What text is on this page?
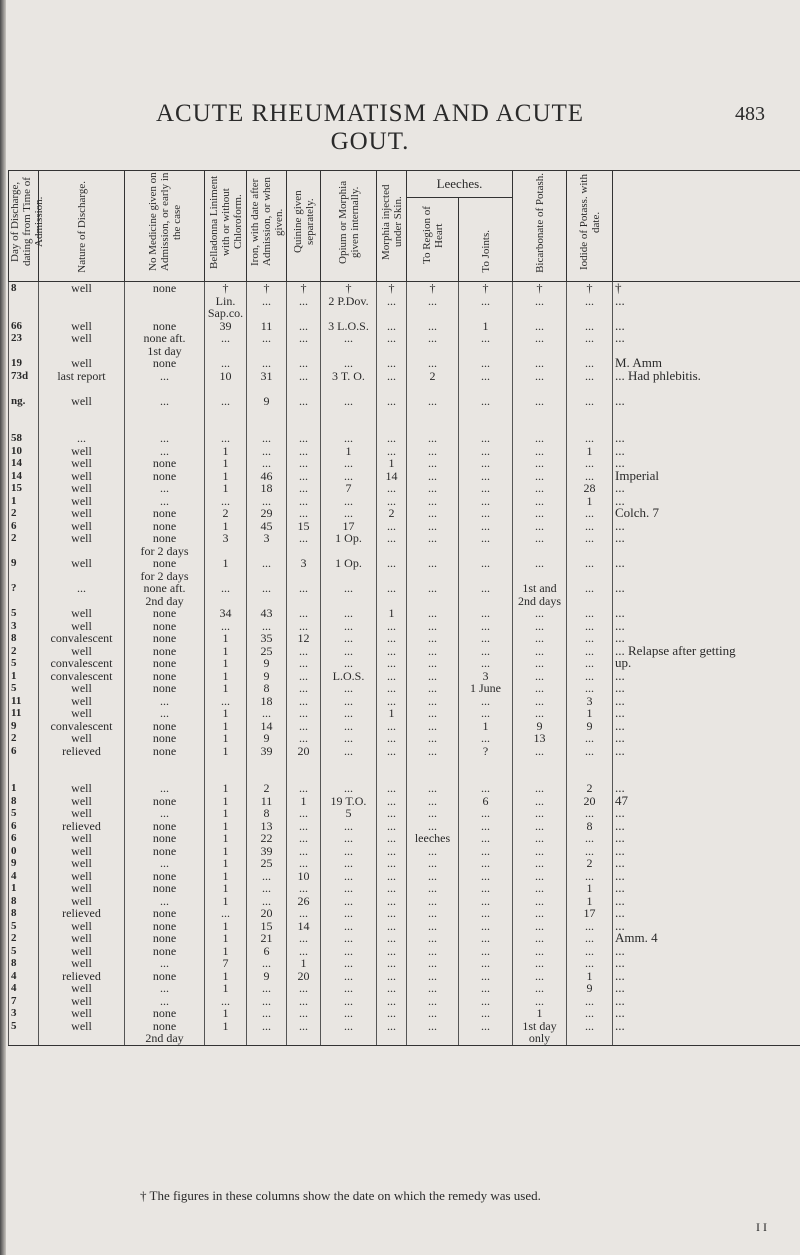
ACUTE RHEUMATISM AND ACUTE GOUT.
483
Day of Discharge, dating from Time of Admission.	Nature of Discharge.	No Medicine given on Admission, or early in the case	Belladonna Liniment with or without Chloroform.	Iron, with date after Admission, or when given.	Quinine given separately.	Opium or Morphia given internally.	Morphia injected under Skin.	Leeches.		Bicarbonate of Potash.	Iodide of Potass. with date.	
								To Region of Heart	To Joints.			
8	well	none	†	†	†	†	†	†	†	†	†	†
			Lin.	...	...	2 P.Dov.	...	...	...	...	...	...
			Sap.co.									
66	well	none	39	11	...	3 L.O.S.	...	...	1	...	...	...
23	well	none aft.	...	...	...	...	...	...	...	...	...	...
		1st day										
19	well	none	...	...	...	...	...	...	...	...	...	M. Amm
73d	last report	...	10	31	...	3 T. O.	...	2	...	...	...	... Had phlebitis.

ng.	well	...	...	9	...	...	...	...	...	...	...	...

58	...	...	...	...	...	...	...	...	...	...	...	...
10	well	...	1	...	...	1	...	...	...	...	1	...
14	well	none	1	...	...	...	1	...	...	...	...	...
14	well	none	1	46	...	...	14	...	...	...	...	Imperial
15	well	...	1	18	...	7	...	...	...	...	28	...
1	well	...	...	...	...	...	...	...	...	...	1	...
2	well	none	2	29	...	...	2	...	...	...	...	Colch. 7
6	well	none	1	45	15	17	...	...	...	...	...	...
2	well	none	3	3	...	1 Op.	...	...	...	...	...	...
		for 2 days										
9	well	none	1	...	3	1 Op.	...	...	...	...	...	...
		for 2 days										
?	...	none aft.	...	...	...	...	...	...	...	1st and	...	...
		2nd day								2nd days		
5	well	none	34	43	...	...	1	...	...	...	...	...
3	well	none	...	...	...	...	...	...	...	...	...	...
8	convalescent	none	1	35	12	...	...	...	...	...	...	...
2	well	none	1	25	...	...	...	...	...	...	...	... Relapse after getting
5	convalescent	none	1	9	...	...	...	...	...	...	...	up.
1	convalescent	none	1	9	...	L.O.S.	...	...	3	...	...	...
5	well	none	1	8	...	...	...	...	1 June	...	...	...
11	well	...	...	18	...	...	...	...	...	...	3	...
11	well	...	1	...	...	...	1	...	...	...	1	...
9	convalescent	none	1	14	...	...	...	...	1	9	9	...
2	well	none	1	9	...	...	...	...	...	13	...	...
6	relieved	none	1	39	20	...	...	...	?	...	...	...

1	well	...	1	2	...	...	...	...	...	...	2	...
8	well	none	1	11	1	19 T.O.	...	...	6	...	20	47
5	well	...	1	8	...	5	...	...	...	...	...	...
6	relieved	none	1	13	...	...	...	...	...	...	8	...
6	well	none	1	22	...	...	...	leeches	...	...	...	...
0	well	none	1	39	...	...	...	...	...	...	...	...
9	well	...	1	25	...	...	...	...	...	...	2	...
4	well	none	1	...	10	...	...	...	...	...	...	...
1	well	none	1	...	...	...	...	...	...	...	1	...
8	well	...	1	...	26	...	...	...	...	...	1	...
8	relieved	none	...	20	...	...	...	...	...	...	17	...
5	well	none	1	15	14	...	...	...	...	...	...	...
2	well	none	1	21	...	...	...	...	...	...	...	Amm. 4
5	well	none	1	6	...	...	...	...	...	...	...	...
8	well	...	7	...	1	...	...	...	...	...	...	...
4	relieved	none	1	9	20	...	...	...	...	...	1	...
4	well	...	1	...	...	...	...	...	...	...	9	...
7	well	...	...	...	...	...	...	...	...	...	...	...
3	well	none	1	...	...	...	...	...	...	1	...	...
5	well	none	1	...	...	...	...	...	...	1st day	...	...
		2nd day								only		
† The figures in these columns show the date on which the remedy was used.
I I
